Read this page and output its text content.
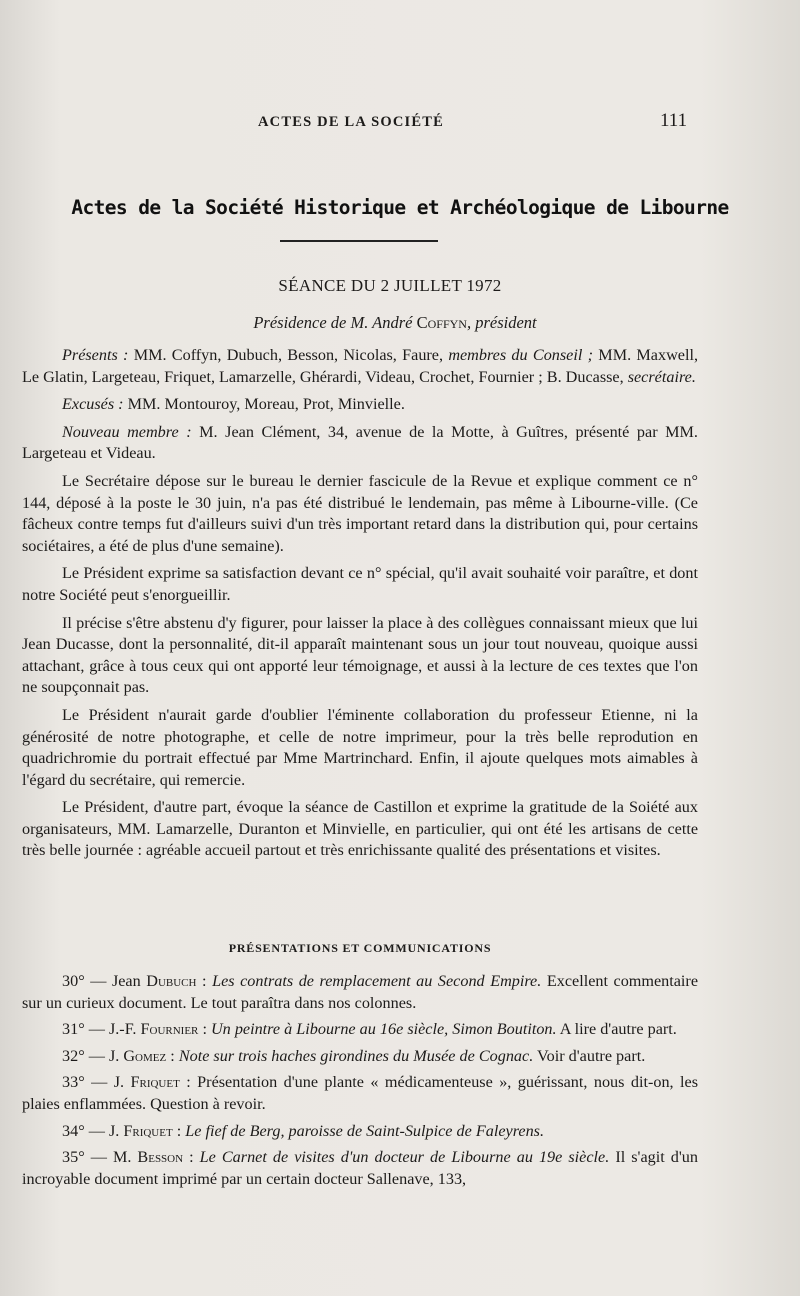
ACTES DE LA SOCIÉTÉ	111
Actes de la Société Historique et Archéologique de Libourne
SÉANCE DU 2 JUILLET 1972
Présidence de M. André Coffyn, président

Présents : MM. Coffyn, Dubuch, Besson, Nicolas, Faure, membres du Conseil ; MM. Maxwell, Le Glatin, Largeteau, Friquet, Lamarzelle, Ghérardi, Videau, Crochet, Fournier ; B. Ducasse, secrétaire.

Excusés : MM. Montouroy, Moreau, Prot, Minvielle.

Nouveau membre : M. Jean Clément, 34, avenue de la Motte, à Guîtres, présenté par MM. Largeteau et Videau.

Le Secrétaire dépose sur le bureau le dernier fascicule de la Revue et explique comment ce n° 144, déposé à la poste le 30 juin, n'a pas été distribué le lendemain, pas même à Libourne-ville. (Ce fâcheux contre temps fut d'ailleurs suivi d'un très important retard dans la distribution qui, pour certains sociétaires, a été de plus d'une semaine).

Le Président exprime sa satisfaction devant ce n° spécial, qu'il avait souhaité voir paraître, et dont notre Société peut s'enorgueillir.

Il précise s'être abstenu d'y figurer, pour laisser la place à des collègues connaissant mieux que lui Jean Ducasse, dont la personnalité, dit-il apparaît maintenant sous un jour tout nouveau, quoique aussi attachant, grâce à tous ceux qui ont apporté leur témoignage, et aussi à la lecture de ces textes que l'on ne soupçonnait pas.

Le Président n'aurait garde d'oublier l'éminente collaboration du professeur Etienne, ni la générosité de notre photographe, et celle de notre imprimeur, pour la très belle reprodution en quadrichromie du portrait effectué par Mme Martrinchard. Enfin, il ajoute quelques mots aimables à l'égard du secrétaire, qui remercie.

Le Président, d'autre part, évoque la séance de Castillon et exprime la gratitude de la Soiété aux organisateurs, MM. Lamarzelle, Duranton et Minvielle, en particulier, qui ont été les artisans de cette très belle journée : agréable accueil partout et très enrichissante qualité des présentations et visites.

PRÉSENTATIONS ET COMMUNICATIONS

30° — Jean Dubuch : Les contrats de remplacement au Second Empire. Excellent commentaire sur un curieux document. Le tout paraîtra dans nos colonnes.

31° — J.-F. Fournier : Un peintre à Libourne au 16e siècle, Simon Boutiton. A lire d'autre part.

32° — J. Gomez : Note sur trois haches girondines du Musée de Cognac. Voir d'autre part.

33° — J. Friquet : Présentation d'une plante « médicamenteuse », guérissant, nous dit-on, les plaies enflammées. Question à revoir.

34° — J. Friquet : Le fief de Berg, paroisse de Saint-Sulpice de Faleyrens.

35° — M. Besson : Le Carnet de visites d'un docteur de Libourne au 19e siècle. Il s'agit d'un incroyable document imprimé par un certain docteur Sallenave, 133,
